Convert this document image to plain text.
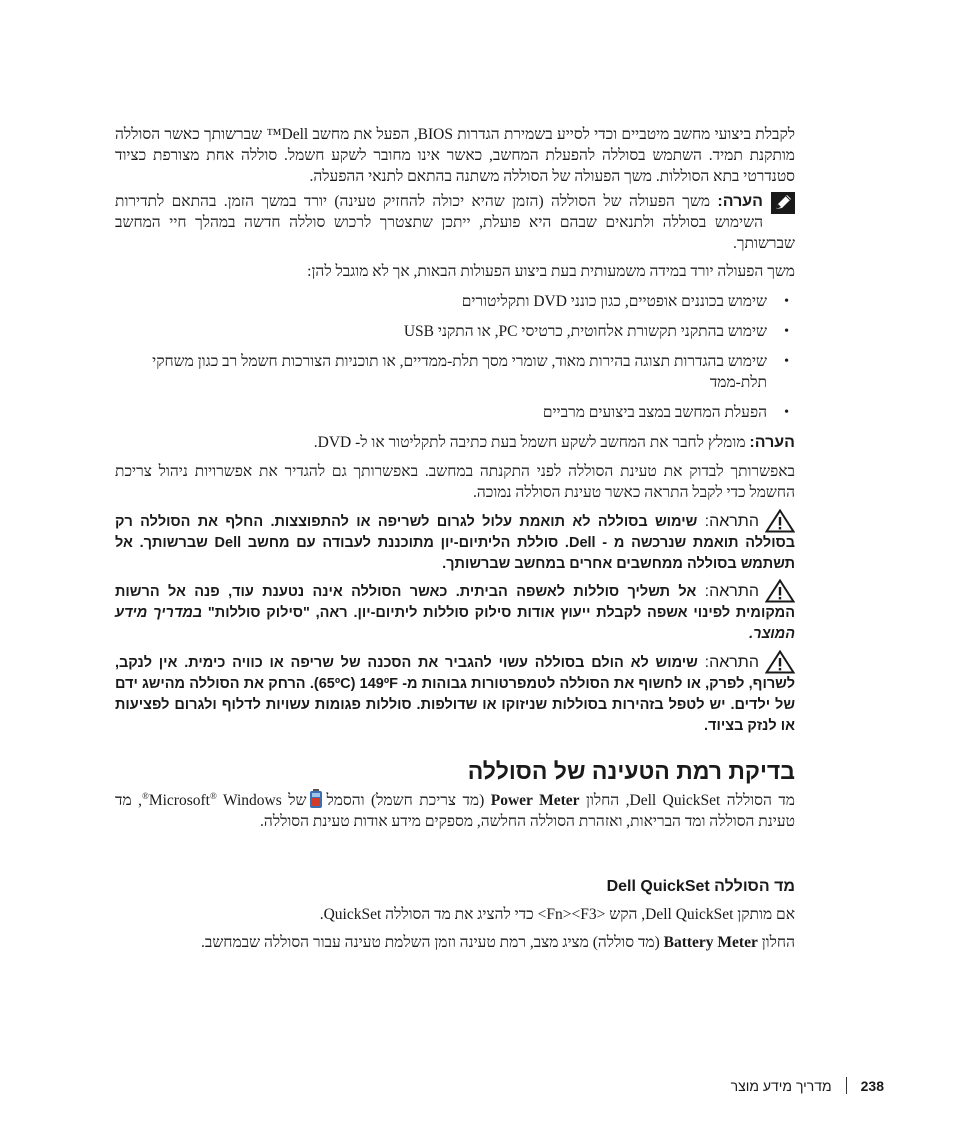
לקבלת ביצועי מחשב מיטביים וכדי לסייע בשמירת הגדרות BIOS, הפעל את מחשב Dell™ שברשותך כאשר הסוללה מותקנת תמיד. השתמש בסוללה להפעלת המחשב, כאשר אינו מחובר לשקע חשמל. סוללה אחת מצורפת כציוד סטנדרטי בתא הסוללות. משך הפעולה של הסוללה משתנה בהתאם לתנאי ההפעלה.

הערה: משך הפעולה של הסוללה (הזמן שהיא יכולה להחזיק טעינה) יורד במשך הזמן. בהתאם לתדירות השימוש בסוללה ולתנאים שבהם היא פועלת, ייתכן שתצטרך לרכוש סוללה חדשה במהלך חיי המחשב שברשותך.

משך הפעולה יורד במידה משמעותית בעת ביצוע הפעולות הבאות, אך לא מוגבל להן:

• שימוש בכוננים אופטיים, כגון כונני DVD ותקליטורים
• שימוש בהתקני תקשורת אלחוטית, כרטיסי PC, או התקני USB
• שימוש בהגדרות תצוגה בהירות מאוד, שומרי מסך תלת-ממדיים, או תוכניות הצורכות חשמל רב כגון משחקי תלת-ממד
• הפעלת המחשב במצב ביצועים מרביים
הערה: מומלץ לחבר את המחשב לשקע חשמל בעת כתיבה לתקליטור או ל- DVD.

באפשרותך לבדוק את טעינת הסוללה לפני התקנתה במחשב. באפשרותך גם להגדיר את אפשרויות ניהול צריכת החשמל כדי לקבל התראה כאשר טעינת הסוללה נמוכה.

התראה: שימוש בסוללה לא תואמת עלול לגרום לשריפה או להתפוצצות. החלף את הסוללה רק בסוללה תואמת שנרכשה מ - Dell. סוללת הליתיום-יון מתוכננת לעבודה עם מחשב Dell שברשותך. אל תשתמש בסוללה ממחשבים אחרים במחשב שברשותך.
התראה: אל תשליך סוללות לאשפה הביתית. כאשר הסוללה אינה נטענת עוד, פנה אל הרשות המקומית לפינוי אשפה לקבלת ייעוץ אודות סילוק סוללות ליתיום-יון. ראה, "סילוק סוללות" במדריך מידע המוצר.
התראה: שימוש לא הולם בסוללה עשוי להגביר את הסכנה של שריפה או כוויה כימית. אין לנקב, לשרוף, לפרק, או לחשוף את הסוללה לטמפרטורות גבוהות מ- 65ºC) 149ºF). הרחק את הסוללה מהישג ידם של ילדים. יש לטפל בזהירות בסוללות שניזוקו או שדולפות. סוללות פגומות עשויות לדלוף ולגרום לפציעות או לנזק בציוד.
בדיקת רמת הטעינה של הסוללה

מד הסוללה Dell QuickSet, החלון Power Meter (מד צריכת חשמל) והסמלשל Microsoft® Windows®, מד טעינת הסוללה ומד הבריאות, ואזהרת הסוללה החלשה, מספקים מידע אודות טעינת הסוללה.

מד הסוללה Dell QuickSet

אם מותקן Dell QuickSet, הקש <Fn><F3> כדי להציג את מד הסוללה QuickSet.

החלון Battery Meter (מד סוללה) מציג מצב, רמת טעינה וזמן השלמת טעינה עבור הסוללה שבמחשב.

238
מדריך מידע מוצר
